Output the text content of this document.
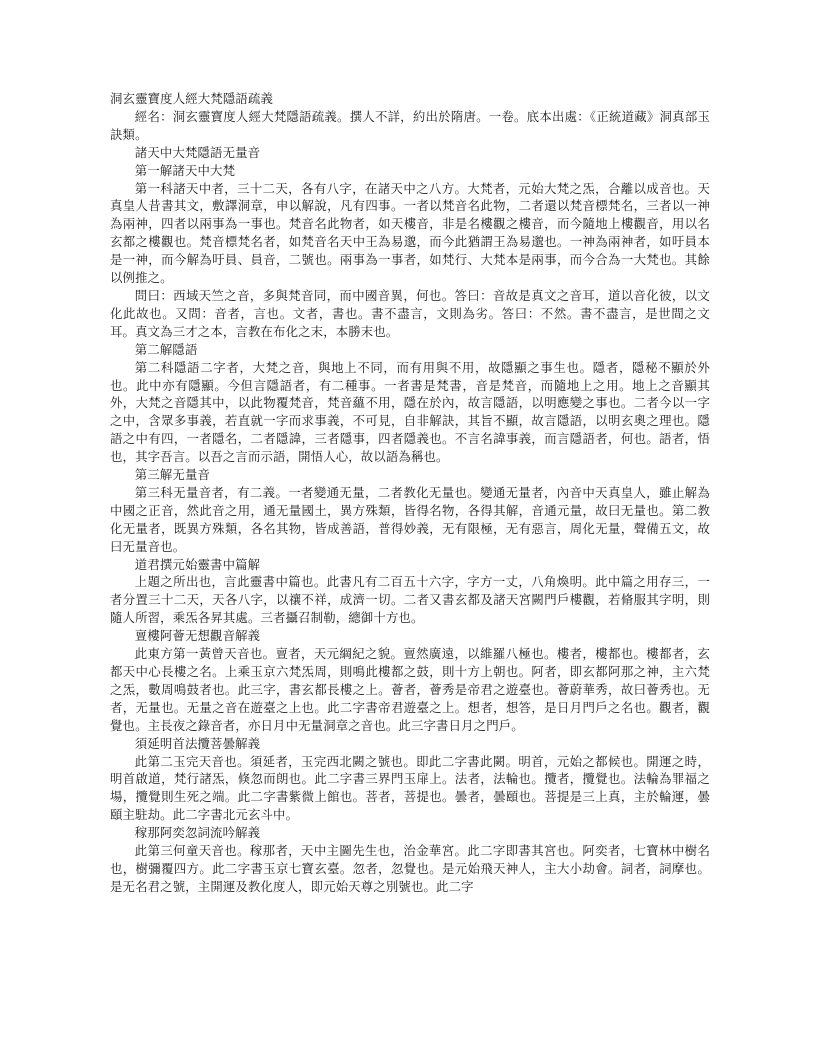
洞玄靈寶度人經大梵隱語疏義
經名：洞玄靈寶度人經大梵隱語疏義。撰人不詳，約出於隋唐。一卷。底本出處：《正統道藏》洞真部玉訣類。
諸天中大梵隱語无量音
第一解諸天中大梵
第一科諸天中者，三十二天，各有八字，在諸天中之八方。大梵者，元始大梵之炁，合離以成音也。天真皇人昔書其文，敷譯洞章，申以解說，凡有四事。一者以梵音名此物，二者還以梵音標梵名，三者以一神為兩神，四者以兩事為一事也。梵音名此物者，如天樓音，非是名樓觀之樓音，而今隨地上樓觀音，用以名玄都之樓觀也。梵音標梵名者，如梵音名天中王為易邈，而今此猶謂王為易邈也。一神為兩神者，如吁員本是一神，而今解為吁員、員音，二號也。兩事為一事者，如梵行、大梵本是兩事，而今合為一大梵也。其餘以例推之。
問曰：西域天竺之音，多與梵音同，而中國音異，何也。答曰：音故是真文之音耳，道以音化彼，以文化此故也。又問：音者，言也。文者，書也。書不盡言，文則為劣。答曰：不然。書不盡言，是世間之文耳。真文為三才之本，言教在布化之末，本勝末也。
第二解隱語
第二科隱語二字者，大梵之音，與地上不同，而有用與不用，故隱顯之事生也。隱者，隱秘不顯於外也。此中亦有隱顯。今但言隱語者，有二種事。一者書是梵書，音是梵音，而隨地上之用。地上之音顯其外，大梵之音隱其中，以此物覆梵音，梵音蘊不用，隱在於內，故言隱語，以明應變之事也。二者今以一字之中，含眾多事義，若直就一字而求事義，不可見，自非解訣，其旨不顯，故言隱語，以明玄奧之理也。隱語之中有四，一者隱名，二者隱諱，三者隱事，四者隱義也。不言名諱事義，而言隱語者，何也。語者，悟也，其字吾言。以吾之言而示語，開悟人心，故以語為稱也。
第三解无量音
第三科无量音者，有二義。一者變通无量，二者教化无量也。變通无量者，內音中天真皇人，雖止解為中國之正音，然此音之用，通无量國土，異方殊類，皆得名物，各得其解，音通元量，故曰无量也。第二教化无量者，既異方殊類，各名其物，皆成善語，普得妙義，无有限極，无有惡言，周化无量，聲備五文，故曰无量音也。
道君撰元始靈書中篇解
上題之所出也，言此靈書中篇也。此書凡有二百五十六字，字方一丈，八角煥明。此中篇之用存三，一者分置三十二天，天各八字，以禳不祥，成濟一切。二者又書玄都及諸天宮闕門戶樓觀，若脩服其字明，則隨人所習，乘炁各昇其處。三者攝召制勒，總御十方也。
亶樓阿薈无想觀音解義
此東方第一黃曾天音也。亶者，天元綱紀之貌。亶然廣遠，以維羅八極也。樓者，樓都也。樓都者，玄都天中心長樓之名。上乘玉京六梵炁周，則鳴此樓都之鼓，則十方上朝也。阿者，即玄都阿那之神，主六梵之炁，數周鳴鼓者也。此三字，書玄都長樓之上。薈者，薈秀是帝君之遊臺也。薈蔚華秀，故曰薈秀也。无者，无量也。无量之音在遊臺之上也。此二字書帝君遊臺之上。想者，想答，是日月門戶之名也。觀者，觀覺也。主長夜之錄音者，亦日月中无量洞章之音也。此三字書日月之門戶。
須延明首法攬菩曇解義
此第二玉完天音也。須延者，玉完西北闕之號也。即此二字書此闕。明首，元始之都候也。開運之時，明首啟道，梵行諸炁，倏忽而朗也。此二字書三界門玉扉上。法者，法輪也。攬者，攬覺也。法輪為罪福之場，攬覺則生死之端。此二字書紫微上館也。菩者，菩提也。曇者，曇頤也。菩提是三上真，主於輪運，曇頤主駐劫。此二字書北元玄斗中。
稼那阿奕忽詞流吟解義
此第三何童天音也。稼那者，天中主圖先生也，治金華宮。此二字即書其宮也。阿奕者，七寶林中樹名也，樹彌覆四方。此二字書玉京七寶玄臺。忽者，忽覺也。是元始飛天神人，主大小劫會。詞者，詞摩也。是无名君之號，主開運及教化度人，即元始天尊之別號也。此二字
